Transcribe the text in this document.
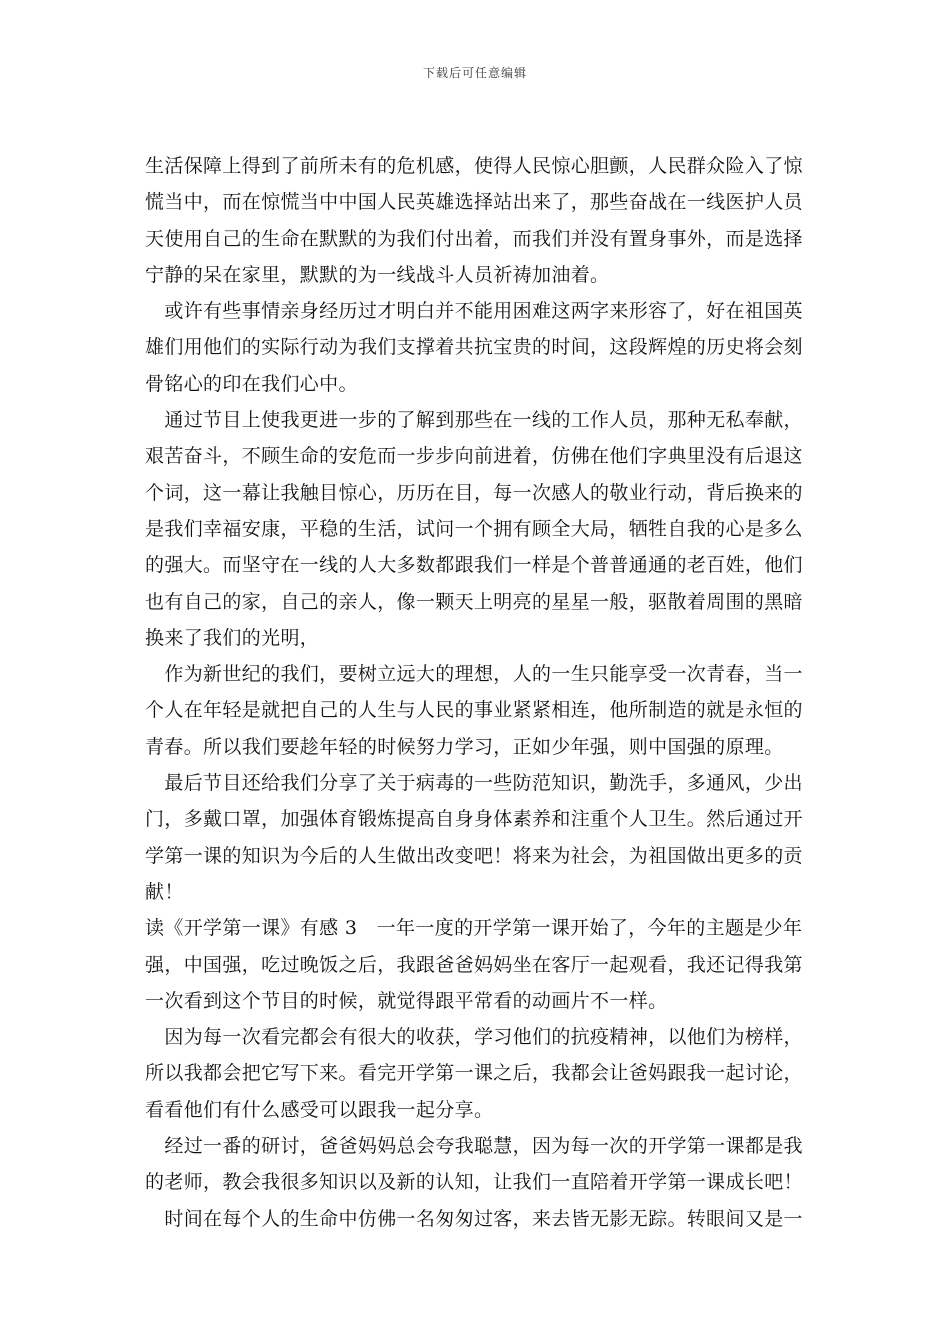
下载后可任意编辑
生活保障上得到了前所未有的危机感，使得人民惊心胆颤，人民群众险入了惊
慌当中，而在惊慌当中中国人民英雄选择站出来了，那些奋战在一线医护人员
天使用自己的生命在默默的为我们付出着，而我们并没有置身事外，而是选择
宁静的呆在家里，默默的为一线战斗人员祈祷加油着。
　或许有些事情亲身经历过才明白并不能用困难这两字来形容了，好在祖国英
雄们用他们的实际行动为我们支撑着共抗宝贵的时间，这段辉煌的历史将会刻
骨铭心的印在我们心中。
　通过节目上使我更进一步的了解到那些在一线的工作人员，那种无私奉献，
艰苦奋斗，不顾生命的安危而一步步向前进着，仿佛在他们字典里没有后退这
个词，这一幕让我触目惊心，历历在目，每一次感人的敬业行动，背后换来的
是我们幸福安康，平稳的生活，试问一个拥有顾全大局，牺牲自我的心是多么
的强大。而坚守在一线的人大多数都跟我们一样是个普普通通的老百姓，他们
也有自己的家，自己的亲人，像一颗天上明亮的星星一般，驱散着周围的黑暗
换来了我们的光明，
　作为新世纪的我们，要树立远大的理想，人的一生只能享受一次青春，当一
个人在年轻是就把自己的人生与人民的事业紧紧相连，他所制造的就是永恒的
青春。所以我们要趁年轻的时候努力学习，正如少年强，则中国强的原理。
　最后节目还给我们分享了关于病毒的一些防范知识，勤洗手，多通风，少出
门，多戴口罩，加强体育锻炼提高自身身体素养和注重个人卫生。然后通过开
学第一课的知识为今后的人生做出改变吧！将来为社会，为祖国做出更多的贡
献！
读《开学第一课》有感 3　一年一度的开学第一课开始了，今年的主题是少年
强，中国强，吃过晚饭之后，我跟爸爸妈妈坐在客厅一起观看，我还记得我第
一次看到这个节目的时候，就觉得跟平常看的动画片不一样。
　因为每一次看完都会有很大的收获，学习他们的抗疫精神，以他们为榜样，
所以我都会把它写下来。看完开学第一课之后，我都会让爸妈跟我一起讨论，
看看他们有什么感受可以跟我一起分享。
　经过一番的研讨，爸爸妈妈总会夸我聪慧，因为每一次的开学第一课都是我
的老师，教会我很多知识以及新的认知，让我们一直陪着开学第一课成长吧！
　时间在每个人的生命中仿佛一名匆匆过客，来去皆无影无踪。转眼间又是一
